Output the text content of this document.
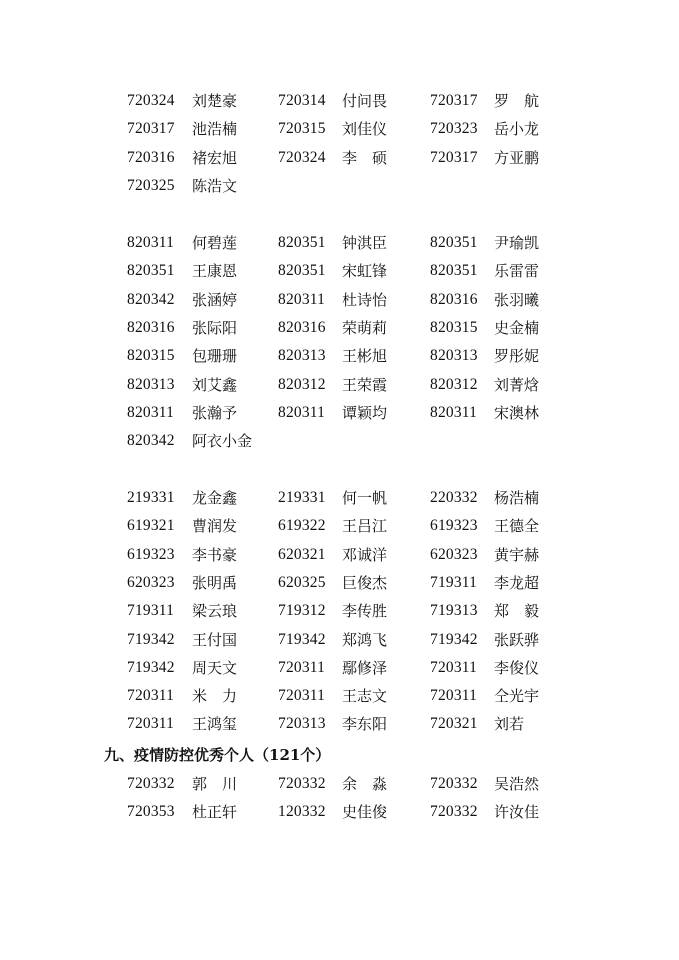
720324 刘楚豪	720314 付问畏	720317 罗　航
720317 池浩楠	720315 刘佳仪	720323 岳小龙
720316 褚宏旭	720324 李　硕	720317 方亚鹏
720325 陈浩文
820311 何碧莲	820351 钟淇臣	820351 尹瑜凯
820351 王康恩	820351 宋虹锋	820351 乐雷雷
820342 张涵婷	820311 杜诗怡	820316 张羽曦
820316 张际阳	820316 荣萌莉	820315 史金楠
820315 包珊珊	820313 王彬旭	820313 罗彤妮
820313 刘艾鑫	820312 王荣霞	820312 刘菁焓
820311 张瀚予	820311 谭颖均	820311 宋澳林
820342 阿衣小金
219331 龙金鑫	219331 何一帆	220332 杨浩楠
619321 曹润发	619322 王吕江	619323 王德全
619323 李书豪	620321 邓诚洋	620323 黄宇赫
620323 张明禹	620325 巨俊杰	719311 李龙超
719311 梁云琅	719312 李传胜	719313 郑　毅
719342 王付国	719342 郑鸿飞	719342 张跃骅
719342 周天文	720311 鄢修泽	720311 李俊仪
720311 米　力	720311 王志文	720311 仝光宇
720311 王鸿玺	720313 李东阳	720321 刘若
九、疫情防控优秀个人（121个）
720332 郭　川	720332 余　淼	720332 吴浩然
720353 杜正轩	120332 史佳俊	720332 许汝佳
